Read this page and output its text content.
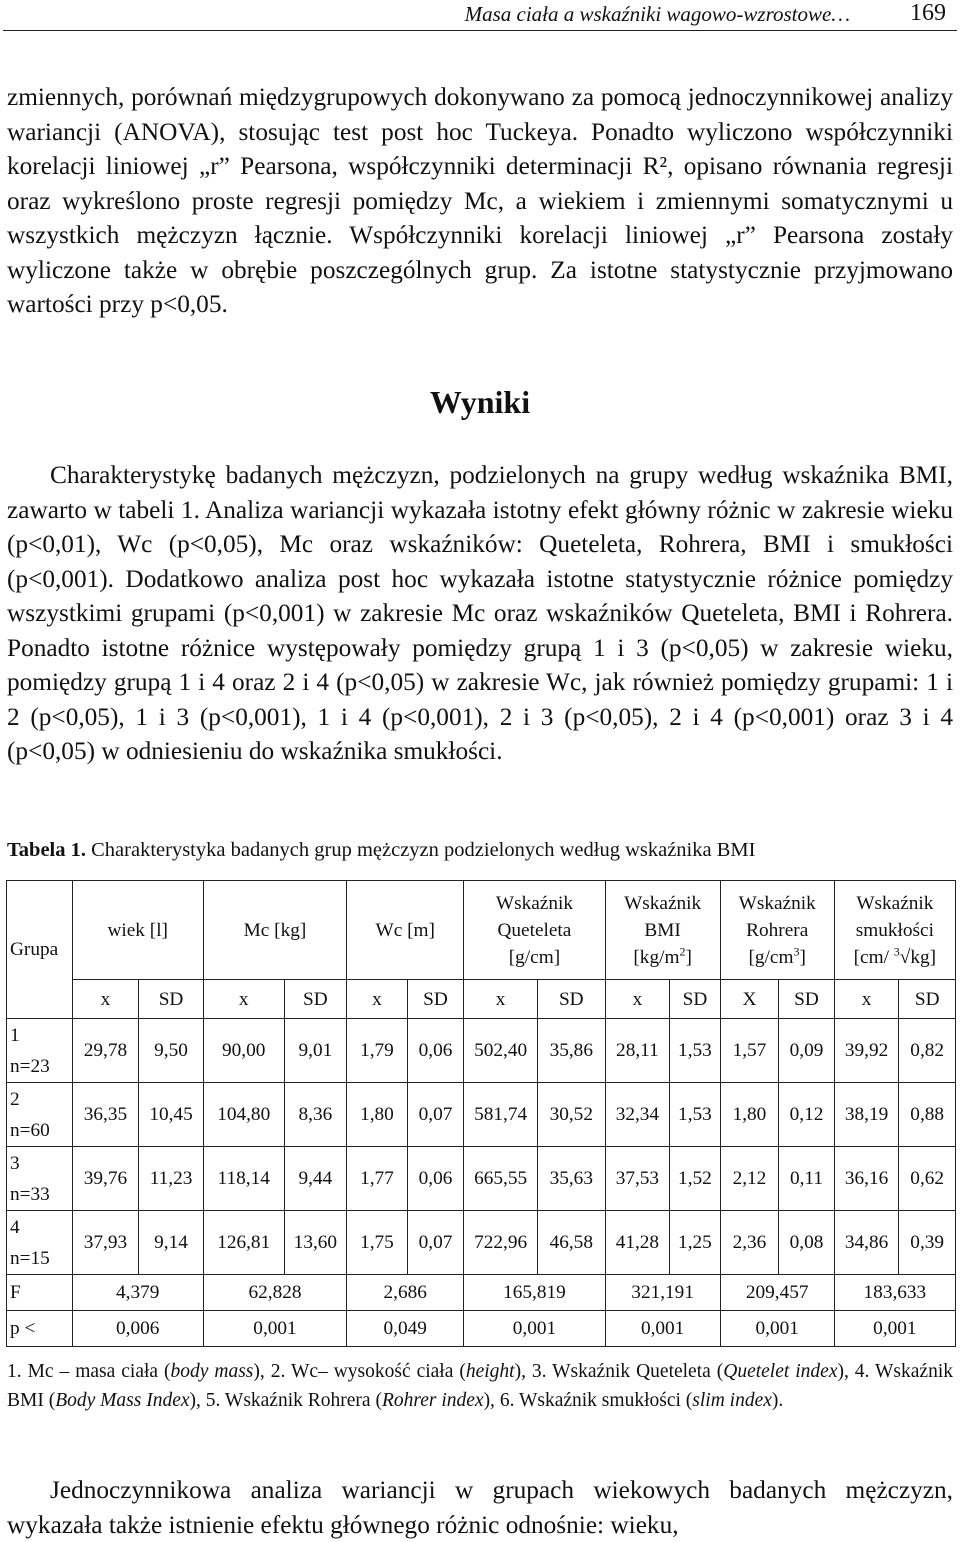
Masa ciała a wskaźniki wagowo-wzrostowe…	169

zmiennych, porównań międzygrupowych dokonywano za pomocą jednoczynnikowej analizy wariancji (ANOVA), stosując test post hoc Tuckeya. Ponadto wyliczono współczynniki korelacji liniowej „r” Pearsona, współczynniki determinacji R², opisano równania regresji oraz wykreślono proste regresji pomiędzy Mc, a wiekiem i zmiennymi somatycznymi u wszystkich mężczyzn łącznie. Współczynniki korelacji liniowej „r” Pearsona zostały wyliczone także w obrębie poszczególnych grup. Za istotne statystycznie przyjmowano wartości przy p<0,05.

Wyniki

Charakterystykę badanych mężczyzn, podzielonych na grupy według wskaźnika BMI, zawarto w tabeli 1. Analiza wariancji wykazała istotny efekt główny różnic w zakresie wieku (p<0,01), Wc (p<0,05), Mc oraz wskaźników: Queteleta, Rohrera, BMI i smukłości (p<0,001). Dodatkowo analiza post hoc wykazała istotne statystycznie różnice pomiędzy wszystkimi grupami (p<0,001) w zakresie Mc oraz wskaźników Queteleta, BMI i Rohrera. Ponadto istotne różnice występowały pomiędzy grupą 1 i 3 (p<0,05) w zakresie wieku, pomiędzy grupą 1 i 4 oraz 2 i 4 (p<0,05) w zakresie Wc, jak również pomiędzy grupami: 1 i 2 (p<0,05), 1 i 3 (p<0,001), 1 i 4 (p<0,001), 2 i 3 (p<0,05), 2 i 4 (p<0,001) oraz 3 i 4 (p<0,05) w odniesieniu do wskaźnika smukłości.

Tabela 1. Charakterystyka badanych grup mężczyzn podzielonych według wskaźnika BMI

Grupa	wiek [l]		Mc [kg]		Wc [m]		Wskaźnik
Queteleta
[g/cm]		Wskaźnik
BMI
$[kg/m^2]$		Wskaźnik
Rohrera
$[g/cm^3]$		Wskaźnik
smukłości
[cm/ $^3$√kg]	
	x	SD	x	SD	x	SD	x	SD	x	SD	X	SD	x	SD
1
n=23	29,78	9,50	90,00	9,01	1,79	0,06	502,40	35,86	28,11	1,53	1,57	0,09	39,92	0,82
2
n=60	36,35	10,45	104,80	8,36	1,80	0,07	581,74	30,52	32,34	1,53	1,80	0,12	38,19	0,88
3
n=33	39,76	11,23	118,14	9,44	1,77	0,06	665,55	35,63	37,53	1,52	2,12	0,11	36,16	0,62
4
n=15	37,93	9,14	126,81	13,60	1,75	0,07	722,96	46,58	41,28	1,25	2,36	0,08	34,86	0,39
F	4,379		62,828		2,686		165,819		321,191		209,457		183,633	
p <	0,006		0,001		0,049		0,001		0,001		0,001		0,001	

1. Mc – masa ciała (body mass), 2. Wc– wysokość ciała (height), 3. Wskaźnik Queteleta (Quetelet index), 4. Wskaźnik BMI (Body Mass Index), 5. Wskaźnik Rohrera (Rohrer index), 6. Wskaźnik smukłości (slim index).

Jednoczynnikowa analiza wariancji w grupach wiekowych badanych mężczyzn, wykazała także istnienie efektu głównego różnic odnośnie: wieku,
